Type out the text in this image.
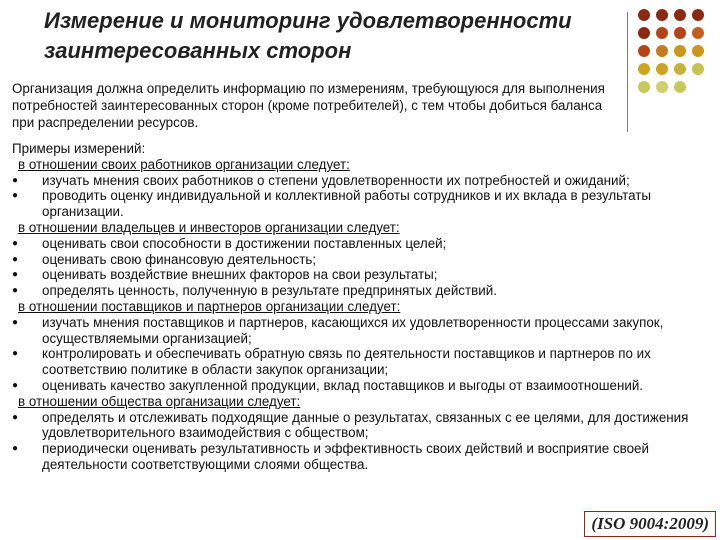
Измерение и мониторинг удовлетворенности заинтересованных сторон

Организация должна определить информацию по измерениям, требующуюся для выполнения потребностей заинтересованных сторон (кроме потребителей), с тем чтобы добиться баланса при распределении ресурсов.

Примеры измерений:

в отношении своих работников организации следует:

● изучать мнения своих работников о степени удовлетворенности их потребностей и ожиданий;
● проводить оценку индивидуальной и коллективной работы сотрудников и их вклада в результаты организации.

в отношении владельцев и инвесторов организации следует:

● оценивать свои способности в достижении поставленных целей;
● оценивать свою финансовую деятельность;
● оценивать воздействие внешних факторов на свои результаты;
● определять ценность, полученную в результате предпринятых действий.

в отношении поставщиков и партнеров организации следует:

● изучать мнения поставщиков и партнеров, касающихся их удовлетворенности процессами закупок, осуществляемыми организацией;
● контролировать и обеспечивать обратную связь по деятельности поставщиков и партнеров по их соответствию политике в области закупок организации;
● оценивать качество закупленной продукции, вклад поставщиков и выгоды от взаимоотношений.

в отношении общества организации следует:

● определять и отслеживать подходящие данные о результатах, связанных с ее целями, для достижения удовлетворительного взаимодействия с обществом;
● периодически оценивать результативность и эффективность своих действий и восприятие своей деятельности соответствующими слоями общества.
(ISO 9004:2009)
